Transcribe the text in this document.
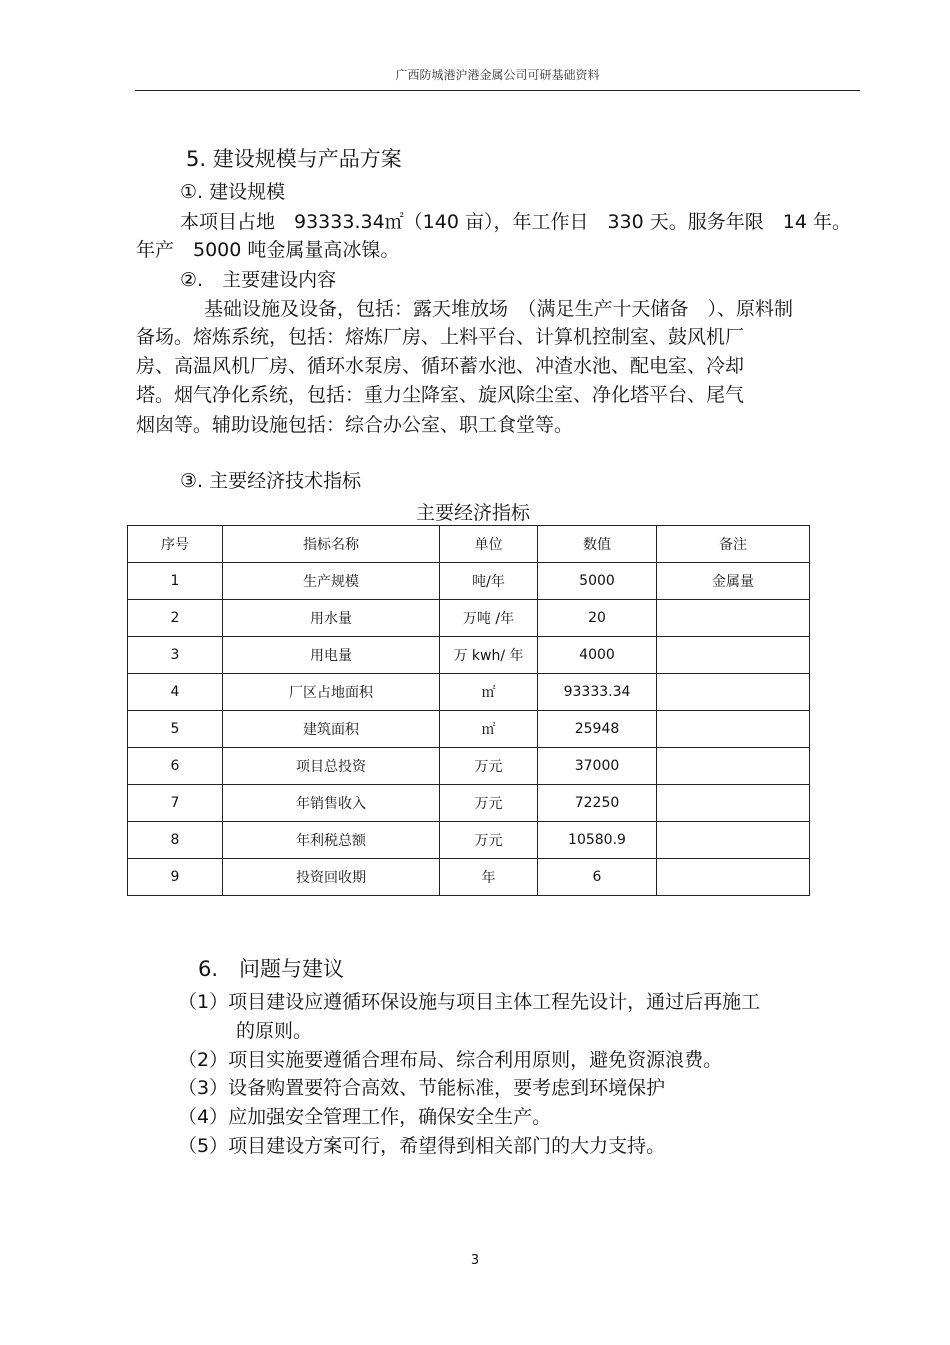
广西防城港沪港金属公司可研基础资料
5. 建设规模与产品方案
①. 建设规模
本项目占地　93333.34㎡（140 亩），年工作日　330 天。服务年限　14 年。
年产　5000 吨金属量高冰镍。
②.　主要建设内容
基础设施及设备，包括：露天堆放场　（满足生产十天储备　）、原料制
备场。熔炼系统，包括：熔炼厂房、上料平台、计算机控制室、鼓风机厂
房、高温风机厂房、循环水泵房、循环蓄水池、冲渣水池、配电室、冷却
塔。烟气净化系统，包括：重力尘降室、旋风除尘室、净化塔平台、尾气
烟囱等。辅助设施包括：综合办公室、职工食堂等。
③. 主要经济技术指标
主要经济指标
序号	指标名称	单位	数值	备注
1	生产规模	吨/年	5000	金属量
2	用水量	万吨 /年	20	
3	用电量	万 kwh/ 年	4000	
4	厂区占地面积	㎡	93333.34	
5	建筑面积	㎡	25948	
6	项目总投资	万元	37000	
7	年销售收入	万元	72250	
8	年利税总额	万元	10580.9	
9	投资回收期	年	6	
6.　问题与建议
（1）项目建设应遵循环保设施与项目主体工程先设计，通过后再施工
的原则。
（2）项目实施要遵循合理布局、综合利用原则，避免资源浪费。
（3）设备购置要符合高效、节能标准，要考虑到环境保护
（4）应加强安全管理工作，确保安全生产。
（5）项目建设方案可行，希望得到相关部门的大力支持。
3
